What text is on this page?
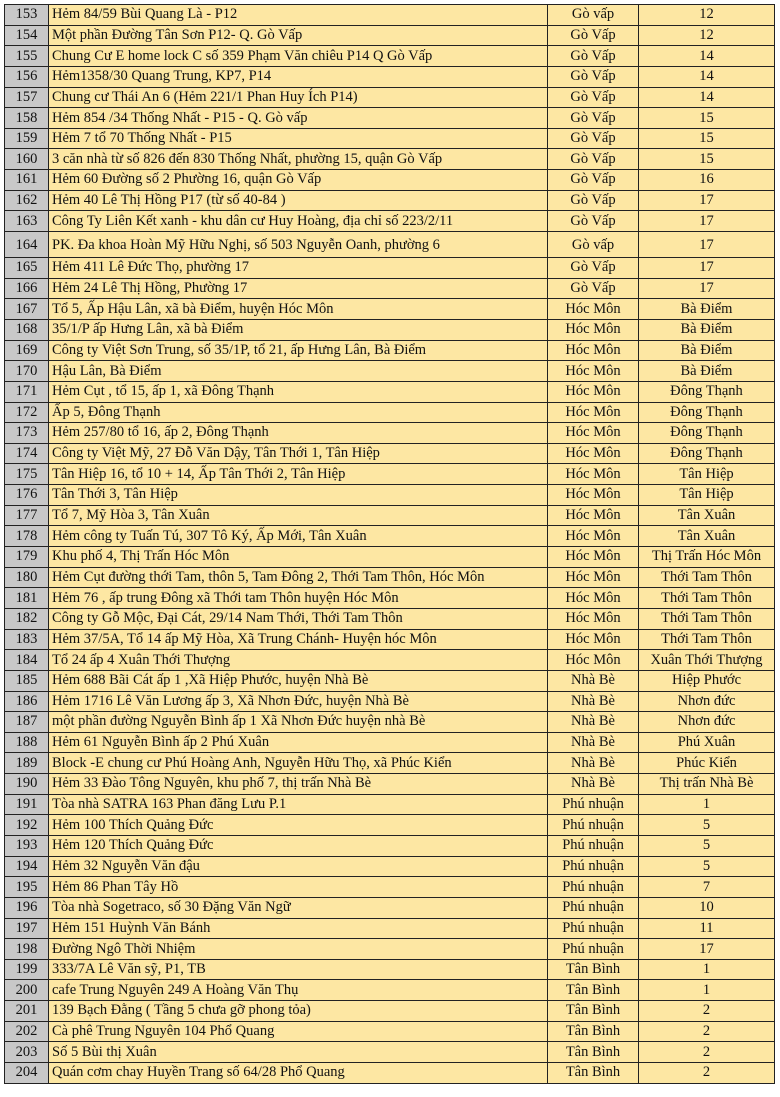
153	Hẻm 84/59 Bùi Quang Là - P12	Gò vấp	12
154	Một phần Đường Tân Sơn P12- Q. Gò Vấp	Gò Vấp	12
155	Chung Cư E home lock C số 359 Phạm Văn chiêu P14 Q Gò Vấp	Gò Vấp	14
156	Hẻm1358/30 Quang Trung, KP7, P14	Gò Vấp	14
157	Chung cư Thái An 6 (Hẻm 221/1 Phan Huy Ích P14)	Gò Vấp	14
158	Hẻm 854 /34 Thống Nhất - P15 - Q. Gò vấp	Gò Vấp	15
159	Hẻm 7 tổ 70 Thống Nhất - P15	Gò Vấp	15
160	3 căn nhà từ số 826 đến 830 Thống Nhất, phường 15, quận Gò Vấp	Gò Vấp	15
161	Hẻm 60 Đường số 2 Phường 16, quận Gò Vấp	Gò Vấp	16
162	Hẻm 40 Lê Thị Hồng P17 (từ số 40-84 )	Gò Vấp	17
163	Công Ty Liên Kết xanh - khu dân cư Huy Hoàng, địa chỉ số 223/2/11	Gò Vấp	17
164	PK. Đa khoa Hoàn Mỹ Hữu Nghị, số 503 Nguyễn Oanh, phường 6	Gò vấp	17
165	Hẻm 411 Lê Đức Thọ, phường 17	Gò Vấp	17
166	Hẻm 24 Lê Thị Hồng, Phường 17	Gò Vấp	17
167	Tổ 5, Ấp Hậu Lân, xã bà Điểm, huyện Hóc Môn	Hóc Môn	Bà Điểm
168	35/1/P ấp Hưng Lân, xã bà Điểm	Hóc Môn	Bà Điểm
169	Công ty Việt Sơn Trung, số 35/1P, tổ 21, ấp Hưng Lân, Bà Điểm	Hóc Môn	Bà Điểm
170	Hậu Lân, Bà Điểm	Hóc Môn	Bà Điểm
171	Hẻm Cụt , tổ 15, ấp 1, xã Đông Thạnh	Hóc Môn	Đông Thạnh
172	Ấp 5, Đông Thạnh	Hóc Môn	Đông Thạnh
173	Hẻm 257/80 tổ 16, ấp 2, Đông Thạnh	Hóc Môn	Đông Thạnh
174	Công ty Việt Mỹ, 27 Đỗ Văn Dậy, Tân Thới 1, Tân Hiệp	Hóc Môn	Đông Thạnh
175	Tân Hiệp 16, tổ 10 + 14, Ấp Tân Thới 2, Tân Hiệp	Hóc Môn	Tân Hiệp
176	Tân Thới 3, Tân Hiệp	Hóc Môn	Tân Hiệp
177	Tổ 7, Mỹ Hòa 3, Tân Xuân	Hóc Môn	Tân Xuân
178	Hẻm công ty Tuấn Tú, 307 Tô Ký, Ấp Mới, Tân Xuân	Hóc Môn	Tân Xuân
179	Khu phố 4, Thị Trấn Hóc Môn	Hóc Môn	Thị Trấn Hóc Môn
180	Hẻm Cụt đường thới Tam, thôn 5, Tam Đông 2, Thới Tam Thôn, Hóc Môn	Hóc Môn	Thới Tam Thôn
181	Hẻm 76 , ấp trung Đông xã Thới tam Thôn huyện Hóc Môn	Hóc Môn	Thới Tam Thôn
182	Công ty Gỗ Mộc, Đại Cát, 29/14 Nam Thới, Thới Tam Thôn	Hóc Môn	Thới Tam Thôn
183	Hẻm 37/5A, Tổ 14 ấp Mỹ Hòa, Xã Trung Chánh- Huyện hóc Môn	Hóc Môn	Thới Tam Thôn
184	Tổ 24 ấp 4 Xuân Thới Thượng	Hóc Môn	Xuân Thới Thượng
185	Hẻm 688 Bãi Cát ấp 1 ,Xã Hiệp Phước, huyện Nhà Bè	Nhà Bè	Hiệp Phước
186	Hẻm 1716 Lê Văn Lương ấp 3, Xã Nhơn Đức, huyện Nhà Bè	Nhà Bè	Nhơn đức
187	một phần đường Nguyễn Bình ấp 1 Xã Nhơn Đức huyện nhà Bè	Nhà Bè	Nhơn đức
188	Hẻm 61 Nguyễn Bình ấp 2 Phú Xuân	Nhà Bè	Phú Xuân
189	Block -E chung cư Phú Hoàng Anh, Nguyễn Hữu Thọ, xã Phúc Kiển	Nhà Bè	Phúc Kiển
190	Hẻm 33 Đào Tông Nguyên, khu phố 7, thị trấn Nhà Bè	Nhà Bè	Thị trấn Nhà Bè
191	Tòa nhà SATRA 163 Phan đăng Lưu P.1	Phú nhuận	1
192	Hẻm 100 Thích Quảng Đức	Phú nhuận	5
193	Hẻm 120 Thích Quảng Đức	Phú nhuận	5
194	Hẻm 32 Nguyễn Văn đậu	Phú nhuận	5
195	Hẻm 86 Phan Tây Hồ	Phú nhuận	7
196	Tòa nhà Sogetraco, số 30 Đặng Văn Ngữ	Phú nhuận	10
197	Hẻm 151 Huỳnh Văn Bánh	Phú nhuận	11
198	Đường Ngô Thời Nhiệm	Phú nhuận	17
199	333/7A Lê Văn sỹ, P1, TB	Tân Bình	1
200	cafe Trung Nguyên 249 A Hoàng Văn Thụ	Tân Bình	1
201	139 Bạch Đằng ( Tầng 5 chưa gỡ phong tỏa)	Tân Bình	2
202	Cà phê Trung Nguyên 104 Phổ Quang	Tân Bình	2
203	Số 5 Bùi thị Xuân	Tân Bình	2
204	Quán cơm chay Huyền Trang số 64/28 Phổ Quang	Tân Bình	2
